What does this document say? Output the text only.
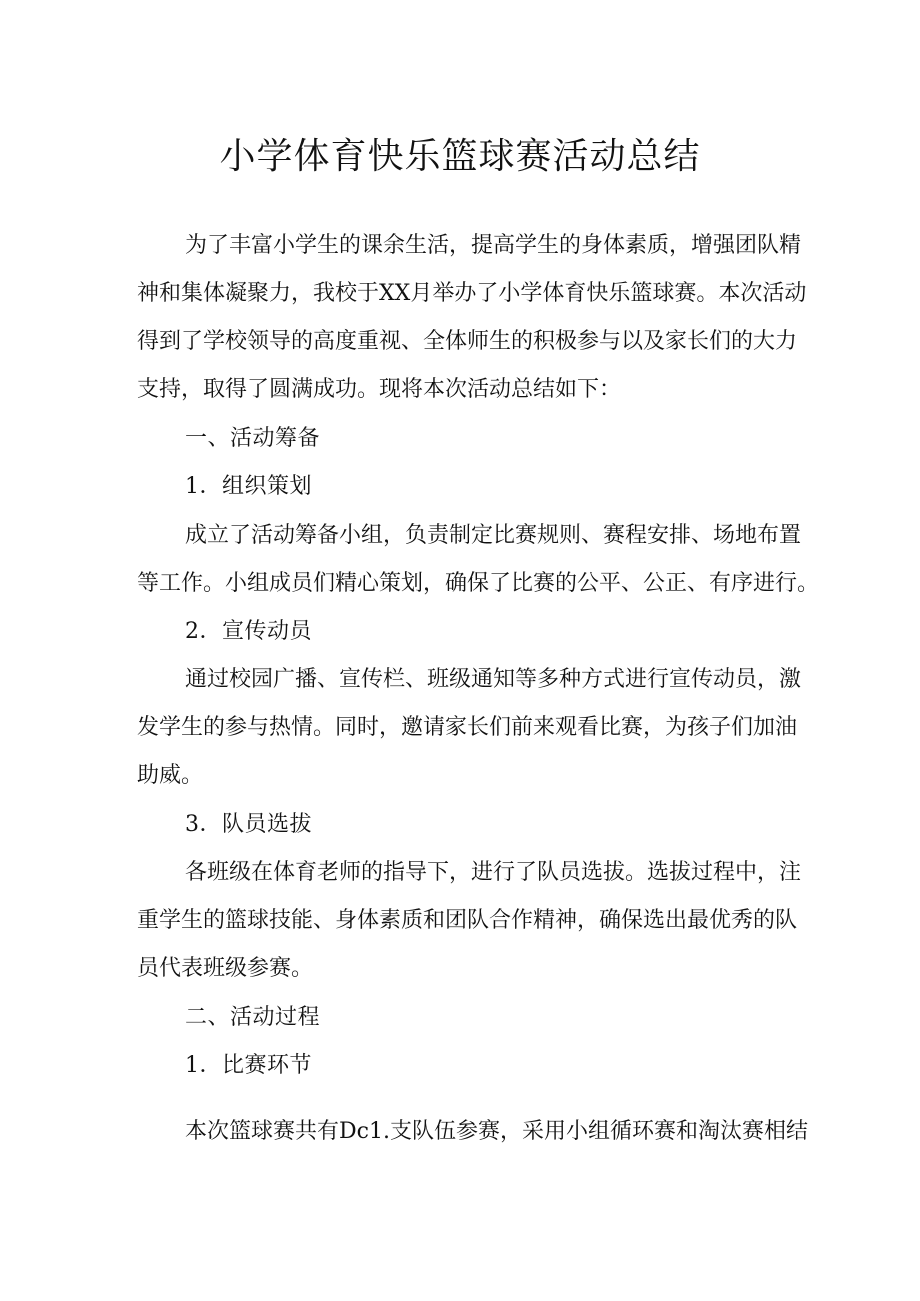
小学体育快乐篮球赛活动总结
为了丰富小学生的课余生活，提高学生的身体素质，增强团队精
神和集体凝聚力，我校于XX月举办了小学体育快乐篮球赛。本次活动
得到了学校领导的高度重视、全体师生的积极参与以及家长们的大力
支持，取得了圆满成功。现将本次活动总结如下：
一、活动筹备
1．组织策划
成立了活动筹备小组，负责制定比赛规则、赛程安排、场地布置
等工作。小组成员们精心策划，确保了比赛的公平、公正、有序进行。
2．宣传动员
通过校园广播、宣传栏、班级通知等多种方式进行宣传动员，激
发学生的参与热情。同时，邀请家长们前来观看比赛，为孩子们加油
助威。
3．队员选拔
各班级在体育老师的指导下，进行了队员选拔。选拔过程中，注
重学生的篮球技能、身体素质和团队合作精神，确保选出最优秀的队
员代表班级参赛。
二、活动过程
1．比赛环节
本次篮球赛共有Dc1.支队伍参赛，采用小组循环赛和淘汰赛相结
